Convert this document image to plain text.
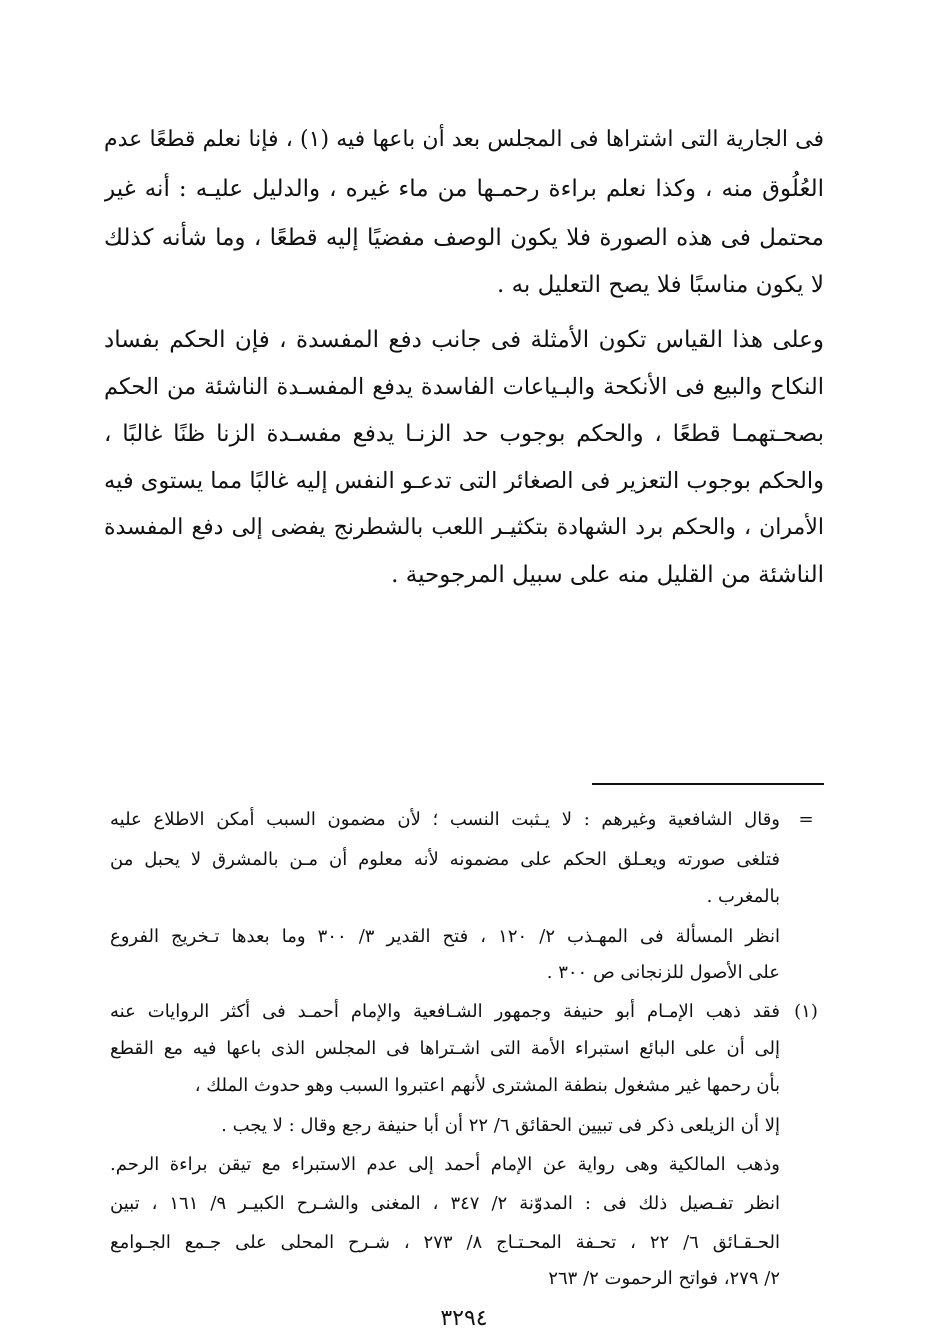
فى الجارية التى اشتراها فى المجلس بعد أن باعها فيه (١) ، فإنا نعلم قطعًا عدم
العُلُوق منه ، وكذا نعلم براءة رحمـها من ماء غيره ، والدليل عليـه : أنه غير
محتمل فى هذه الصورة فلا يكون الوصف مفضيًا إليه قطعًا ، وما شأنه كذلك
لا يكون مناسبًا فلا يصح التعليل به .
وعلى هذا القياس تكون الأمثلة فى جانب دفع المفسدة ، فإن الحكم بفساد
النكاح والبيع فى الأنكحة والبـياعات الفاسدة يدفع المفسـدة الناشئة من الحكم
بصحـتهمـا قطعًا ، والحكم بوجوب حد الزنـا يدفع مفسـدة الزنا ظنًا غالبًا ،
والحكم بوجوب التعزير فى الصغائر التى تدعـو النفس إليه غالبًا مما يستوى فيه
الأمران ، والحكم برد الشهادة بتكثيـر اللعب بالشطرنج يفضى إلى دفع المفسدة
الناشئة من القليل منه على سبيل المرجوحية .
=
وقال الشافعية وغيرهم : لا يـثبت النسب ؛ لأن مضمون السبب أمكن الاطلاع عليه
فتلغى صورته ويعـلق الحكم على مضمونه لأنه معلوم أن مـن بالمشرق لا يحبل من
بالمغرب .
انظر المسألة فى المهـذب ٢/ ١٢٠ ، فتح القدير ٣/ ٣٠٠ وما بعدها تـخريج الفروع
على الأصول للزنجانى ص ٣٠٠ .
(١)
فقد ذهب الإمـام أبو حنيفة وجمهور الشـافعية والإمام أحمـد فى أكثر الروايات عنه
إلى أن على البائع استبراء الأمة التى اشـتراها فى المجلس الذى باعها فيه مع القطع
بأن رحمها غير مشغول بنطفة المشترى لأنهم اعتبروا السبب وهو حدوث الملك ،
إلا أن الزيلعى ذكر فى تبيين الحقائق ٦/ ٢٢ أن أبا حنيفة رجع وقال : لا يجب .
وذهب المالكية وهى رواية عن الإمام أحمد إلى عدم الاستبراء مع تيقن براءة الرحم.
انظر تفـصيل ذلك فى : المدوّنة ٢/ ٣٤٧ ، المغنى والشـرح الكبيـر ٩/ ١٦١ ، تبين
الحـقـائق ٦/ ٢٢ ، تحـفة المحـتـاج ٨/ ٢٧٣ ، شـرح المحلى على جـمع الجـوامع
٢/ ٢٧٩، فواتح الرحموت ٢/ ٢٦٣
٣٢٩٤
